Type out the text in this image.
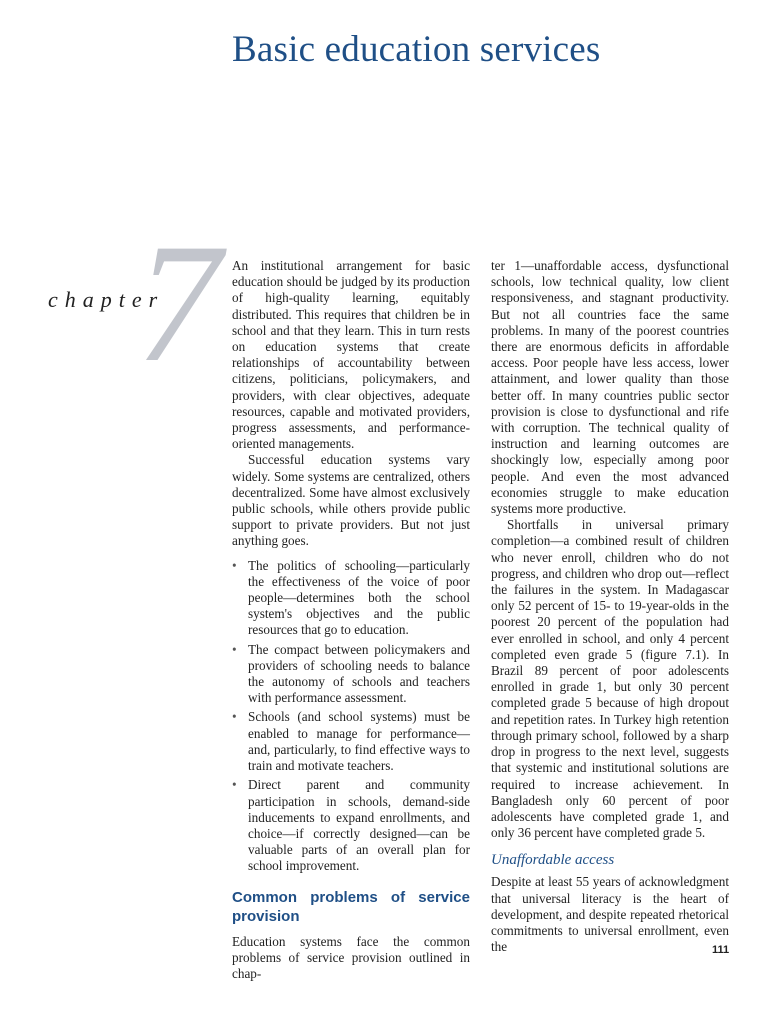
Basic education services
chapter
7 An institutional arrangement for basic education should be judged by its production of high-quality learning, equitably distributed. This requires that children be in school and that they learn. This in turn rests on education systems that create relationships of accountability between citizens, politicians, policymakers, and providers, with clear objectives, adequate resources, capable and motivated providers, progress assessments, and performance-oriented managements.

Successful education systems vary widely. Some systems are centralized, others decentralized. Some have almost exclusively public schools, while others provide public support to private providers. But not just anything goes.

• The politics of schooling—particularly the effectiveness of the voice of poor people—determines both the school system's objectives and the public resources that go to education.
• The compact between policymakers and providers of schooling needs to balance the autonomy of schools and teachers with performance assessment.
• Schools (and school systems) must be enabled to manage for performance—and, particularly, to find effective ways to train and motivate teachers.
• Direct parent and community participation in schools, demand-side inducements to expand enrollments, and choice—if correctly designed—can be valuable parts of an overall plan for school improvement.
Common problems of service provision

Education systems face the common problems of service provision outlined in chap-

ter 1—unaffordable access, dysfunctional schools, low technical quality, low client responsiveness, and stagnant productivity. But not all countries face the same problems. In many of the poorest countries there are enormous deficits in affordable access. Poor people have less access, lower attainment, and lower quality than those better off. In many countries public sector provision is close to dysfunctional and rife with corruption. The technical quality of instruction and learning outcomes are shockingly low, especially among poor people. And even the most advanced economies struggle to make education systems more productive.

Shortfalls in universal primary completion—a combined result of children who never enroll, children who do not progress, and children who drop out—reflect the failures in the system. In Madagascar only 52 percent of 15- to 19-year-olds in the poorest 20 percent of the population had ever enrolled in school, and only 4 percent completed even grade 5 (figure 7.1). In Brazil 89 percent of poor adolescents enrolled in grade 1, but only 30 percent completed grade 5 because of high dropout and repetition rates. In Turkey high retention through primary school, followed by a sharp drop in progress to the next level, suggests that systemic and institutional solutions are required to increase achievement. In Bangladesh only 60 percent of poor adolescents have completed grade 1, and only 36 percent have completed grade 5.

Unaffordable access

Despite at least 55 years of acknowledgment that universal literacy is the heart of development, and despite repeated rhetorical commitments to universal enrollment, even the	111
